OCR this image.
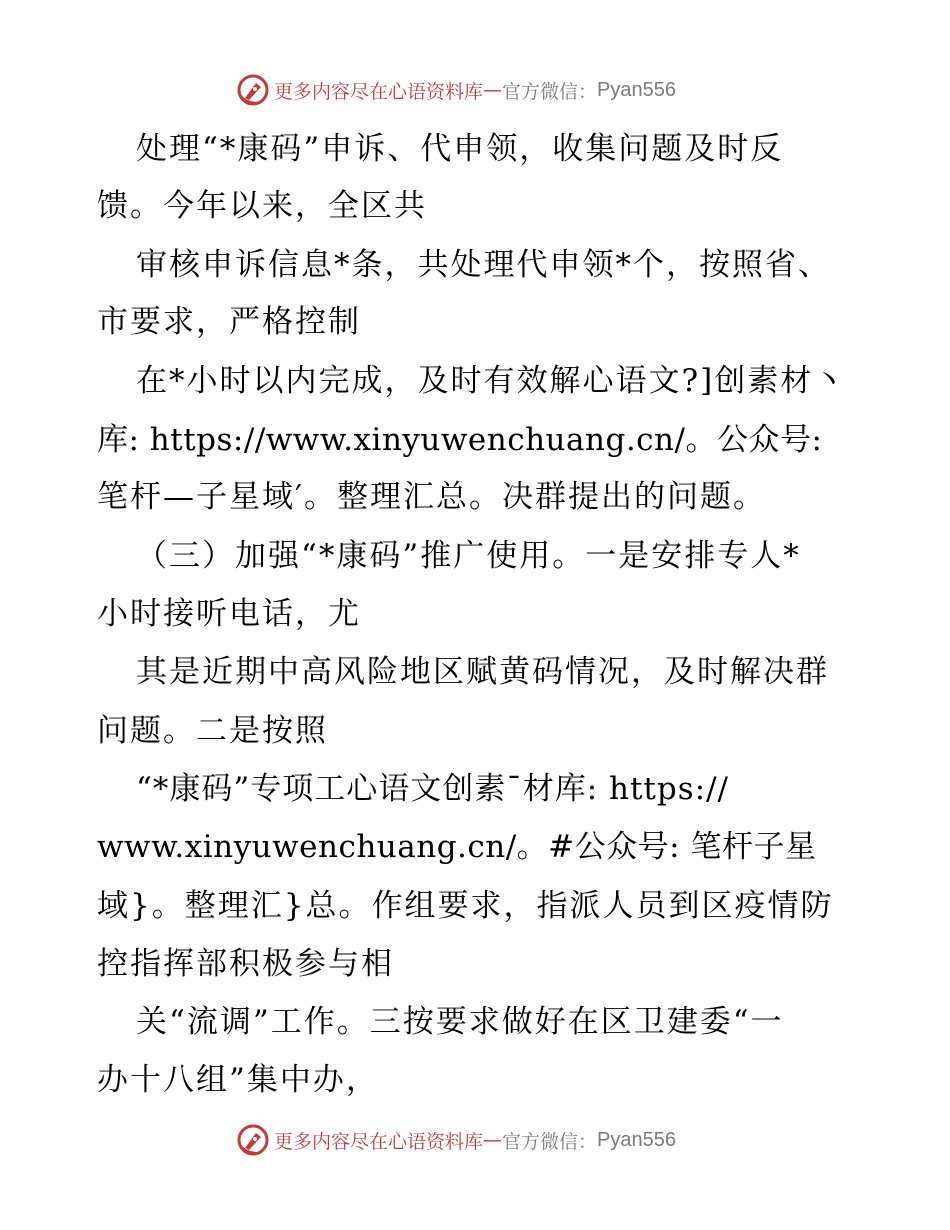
更多内容尽在心语资料库 — 官方微信： Pyan556
处理“*康码”申诉、代申领，收集问题及时反
馈。今年以来，全区共
审核申诉信息*条，共处理代申领*个，按照省、
市要求，严格控制
在*小时以内完成，及时有效解心语文?]创素材丶
库: https://www.xinyuwenchuang.cn/。公众号:
笔杆—子星域′。整理汇总。决群提出的问题。
（三）加强“*康码”推广使用。一是安排专人*
小时接听电话，尤
其是近期中高风险地区赋黄码情况，及时解决群
问题。二是按照
“*康码”专项工心语文创素¯材库: https://
www.xinyuwenchuang.cn/。#公众号: 笔杆子星
域}。整理汇}总。作组要求，指派人员到区疫情防
控指挥部积极参与相
关“流调”工作。三按要求做好在区卫建委“一
办十八组”集中办，
更多内容尽在心语资料库 — 官方微信： Pyan556
